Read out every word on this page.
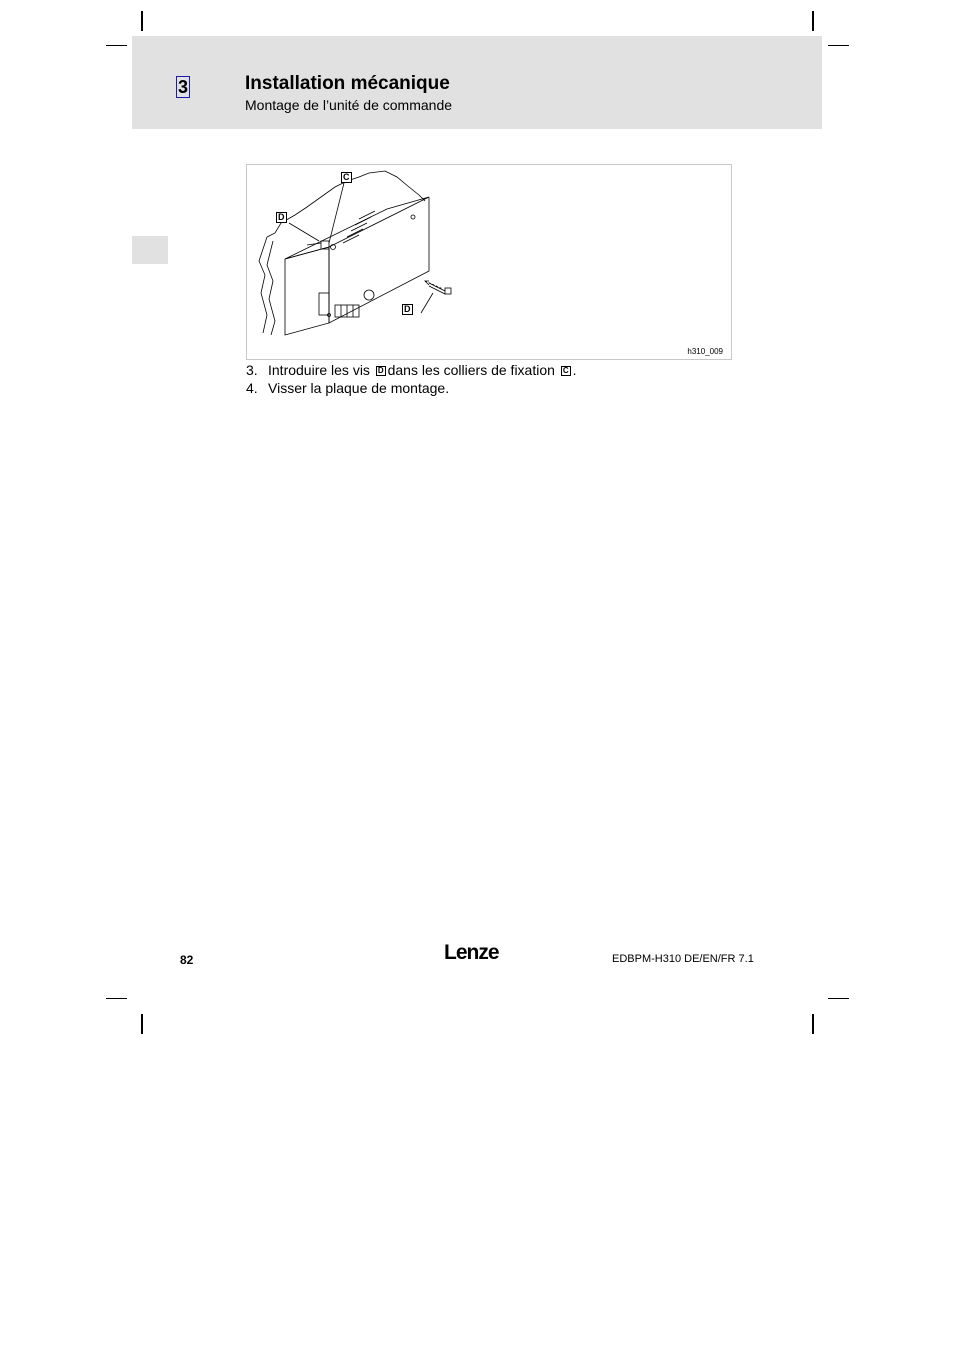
3	Installation mécanique
Montage de l’unité de commande
C
D
D
h310_009
3. Introduire les vis D dans les colliers de fixation C .
4. Visser la plaque de montage.
82	Lenze	EDBPM-H310 DE/EN/FR 7.1
